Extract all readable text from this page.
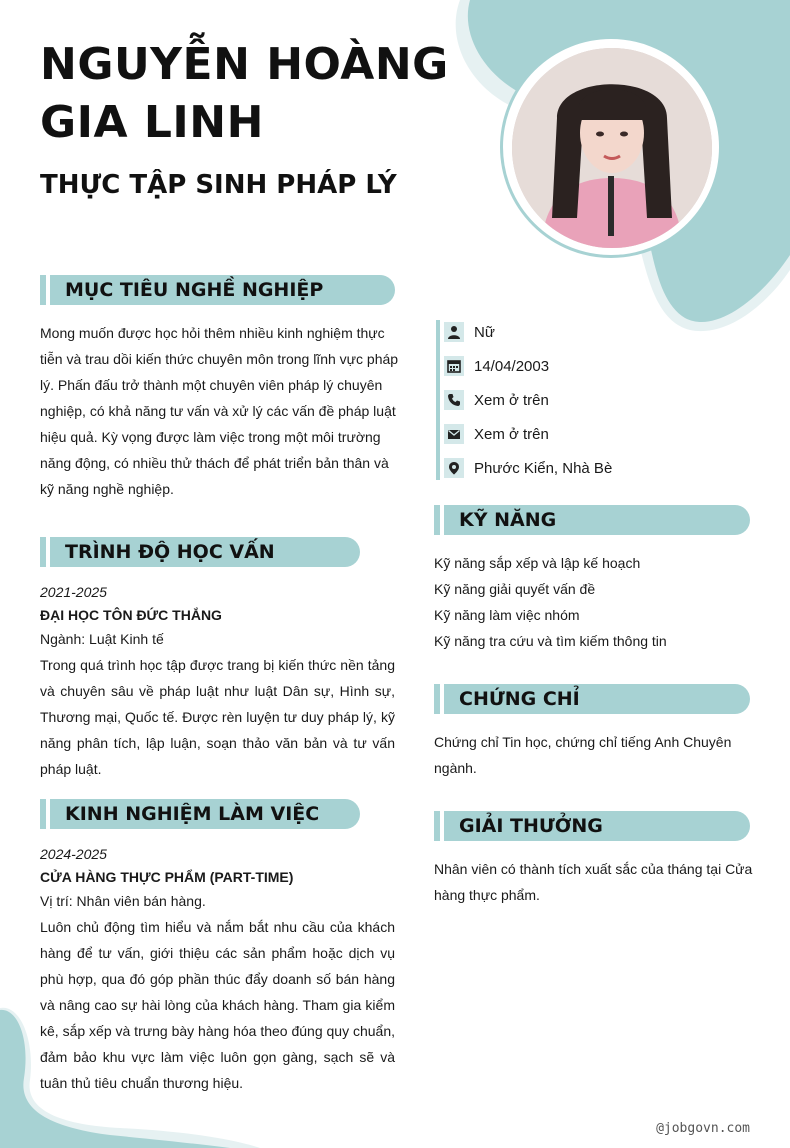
NGUYỄN HOÀNG
GIA LINH
THỰC TẬP SINH PHÁP LÝ
MỤC TIÊU NGHỀ NGHIỆP
Mong muốn được học hỏi thêm nhiều kinh nghiệm thực
tiễn và trau dồi kiến thức chuyên môn trong lĩnh vực pháp
lý. Phấn đấu trở thành một chuyên viên pháp lý chuyên
nghiệp, có khả năng tư vấn và xử lý các vấn đề pháp luật
hiệu quả. Kỳ vọng được làm việc trong một môi trường
năng động, có nhiều thử thách để phát triển bản thân và
kỹ năng nghề nghiệp.
TRÌNH ĐỘ HỌC VẤN
2021-2025
ĐẠI HỌC TÔN ĐỨC THẮNG
Ngành: Luật Kinh tế
Trong quá trình học tập được trang bị kiến thức nền tảng và chuyên sâu về pháp luật như luật Dân sự, Hình sự, Thương mại, Quốc tế. Được rèn luyện tư duy pháp lý, kỹ năng phân tích, lập luận, soạn thảo văn bản và tư vấn pháp luật.
KINH NGHIỆM LÀM VIỆC
2024-2025
CỬA HÀNG THỰC PHẨM (PART-TIME)
Vị trí: Nhân viên bán hàng.
Luôn chủ động tìm hiểu và nắm bắt nhu cầu của khách hàng để tư vấn, giới thiệu các sản phẩm hoặc dịch vụ phù hợp, qua đó góp phần thúc đẩy doanh số bán hàng và nâng cao sự hài lòng của khách hàng. Tham gia kiểm kê, sắp xếp và trưng bày hàng hóa theo đúng quy chuẩn, đảm bảo khu vực làm việc luôn gọn gàng, sạch sẽ và tuân thủ tiêu chuẩn thương hiệu.
Nữ
14/04/2003
Xem ở trên
Xem ở trên
Phước Kiển, Nhà Bè
KỸ NĂNG
Kỹ năng sắp xếp và lập kế hoạch
Kỹ năng giải quyết vấn đề
Kỹ năng làm việc nhóm
Kỹ năng tra cứu và tìm kiếm thông tin
CHỨNG CHỈ
Chứng chỉ Tin học, chứng chỉ tiếng Anh Chuyên
ngành.
GIẢI THƯỞNG
Nhân viên có thành tích xuất sắc của tháng tại Cửa
hàng thực phẩm.
@jobgovn.com
